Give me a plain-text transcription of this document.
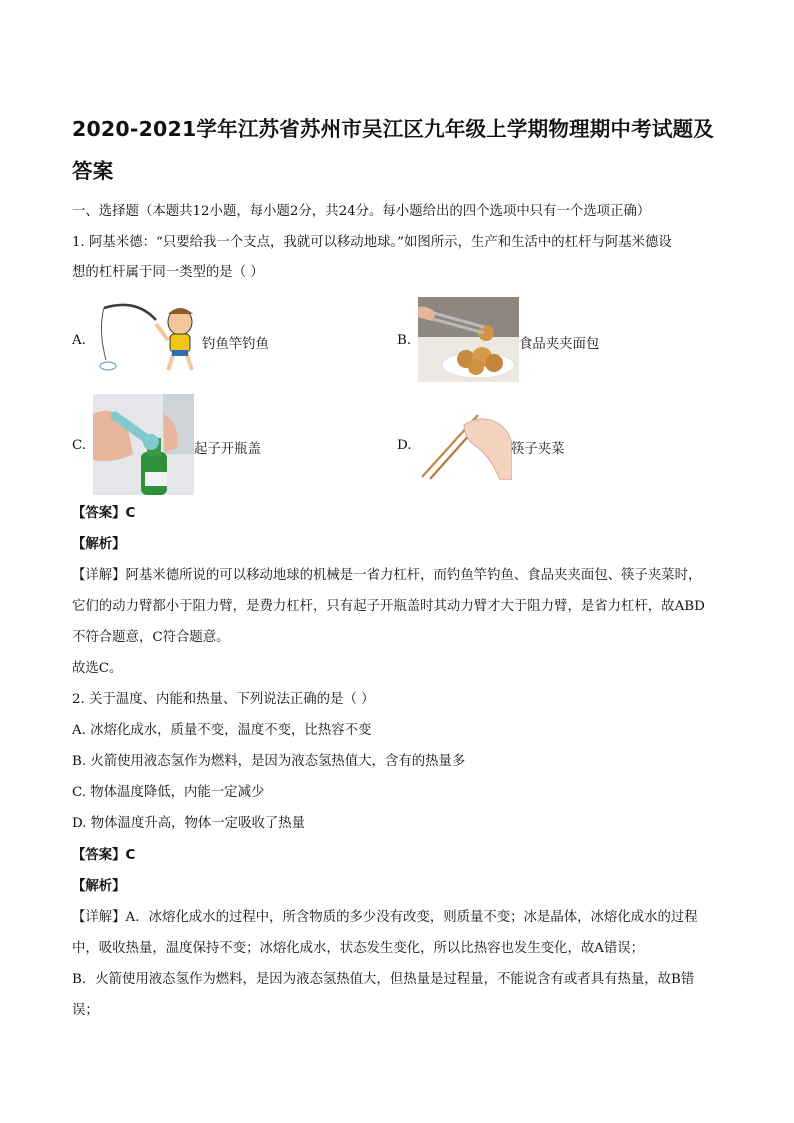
2020-2021学年江苏省苏州市吴江区九年级上学期物理期中考试题及
答案
一、选择题（本题共12小题，每小题2分，共24分。每小题给出的四个选项中只有一个选项正确）
1. 阿基米德：“只要给我一个支点，我就可以移动地球。”如图所示，生产和生活中的杠杆与阿基米德设
想的杠杆属于同一类型的是（ ）
A.	钓鱼竿钓鱼	B.	食品夹夹面包
C.	起子开瓶盖	D.	筷子夹菜
【答案】C
【解析】
【详解】阿基米德所说的可以移动地球的机械是一省力杠杆，而钓鱼竿钓鱼、食品夹夹面包、筷子夹菜时，
它们的动力臂都小于阻力臂，是费力杠杆，只有起子开瓶盖时其动力臂才大于阻力臂，是省力杠杆，故ABD
不符合题意，C符合题意。
故选C。
2. 关于温度、内能和热量、下列说法正确的是（ ）
A. 冰熔化成水，质量不变，温度不变，比热容不变
B. 火箭使用液态氢作为燃料，是因为液态氢热值大，含有的热量多
C. 物体温度降低，内能一定减少
D. 物体温度升高，物体一定吸收了热量
【答案】C
【解析】
【详解】A．冰熔化成水的过程中，所含物质的多少没有改变，则质量不变；冰是晶体，冰熔化成水的过程
中，吸收热量，温度保持不变；冰熔化成水，状态发生变化，所以比热容也发生变化，故A错误；
B．火箭使用液态氢作为燃料，是因为液态氢热值大，但热量是过程量，不能说含有或者具有热量，故B错
误；
